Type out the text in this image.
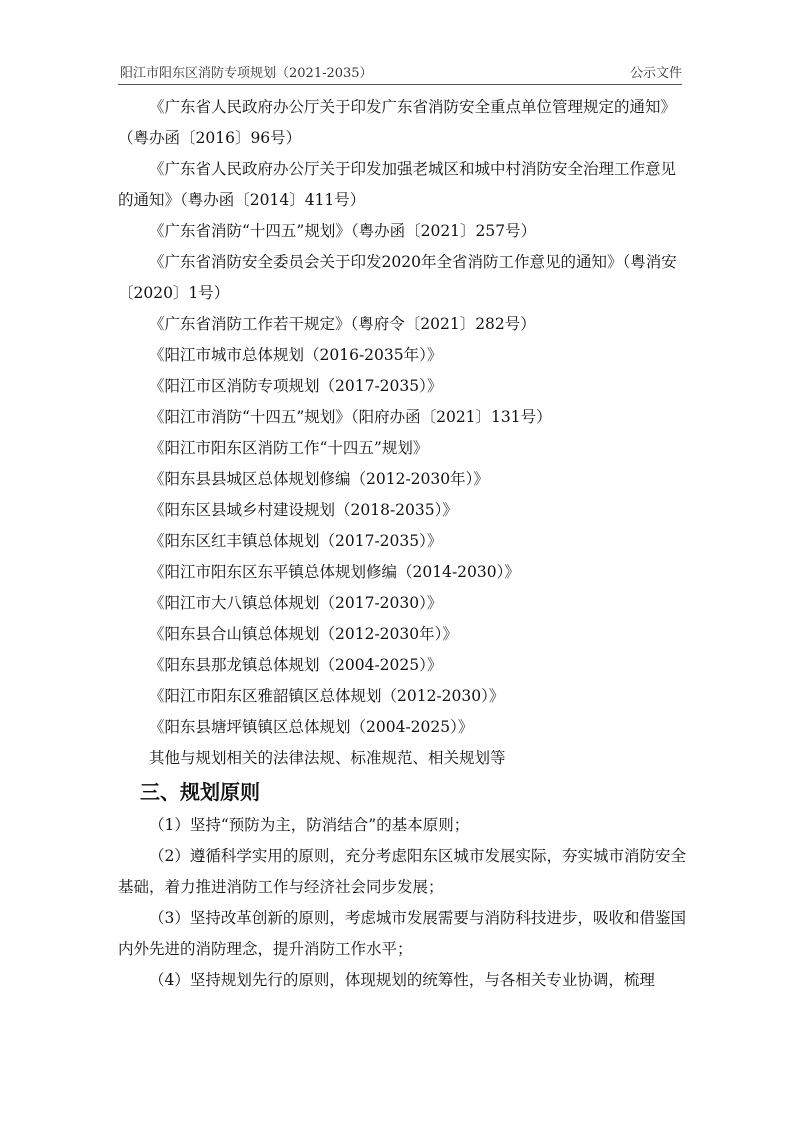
阳江市阳东区消防专项规划（2021-2035）	公示文件

《广东省人民政府办公厅关于印发广东省消防安全重点单位管理规定的通知》（粤办函〔2016〕96号）

《广东省人民政府办公厅关于印发加强老城区和城中村消防安全治理工作意见的通知》（粤办函〔2014〕411号）

《广东省消防“十四五”规划》（粤办函〔2021〕257号）

《广东省消防安全委员会关于印发2020年全省消防工作意见的通知》（粤消安〔2020〕1号）

《广东省消防工作若干规定》（粤府令〔2021〕282号）

《阳江市城市总体规划（2016-2035年）》

《阳江市区消防专项规划（2017-2035）》

《阳江市消防“十四五”规划》（阳府办函〔2021〕131号）

《阳江市阳东区消防工作“十四五”规划》

《阳东县县城区总体规划修编（2012-2030年）》

《阳东区县域乡村建设规划（2018-2035）》

《阳东区红丰镇总体规划（2017-2035）》

《阳江市阳东区东平镇总体规划修编（2014-2030）》

《阳江市大八镇总体规划（2017-2030）》

《阳东县合山镇总体规划（2012-2030年）》

《阳东县那龙镇总体规划（2004-2025）》

《阳江市阳东区雅韶镇区总体规划（2012-2030）》

《阳东县塘坪镇镇区总体规划（2004-2025）》

其他与规划相关的法律法规、标准规范、相关规划等

三、规划原则

（1）坚持“预防为主，防消结合”的基本原则；

（2）遵循科学实用的原则，充分考虑阳东区城市发展实际，夯实城市消防安全基础，着力推进消防工作与经济社会同步发展；

（3）坚持改革创新的原则，考虑城市发展需要与消防科技进步，吸收和借鉴国内外先进的消防理念，提升消防工作水平；

（4）坚持规划先行的原则，体现规划的统筹性，与各相关专业协调，梳理
